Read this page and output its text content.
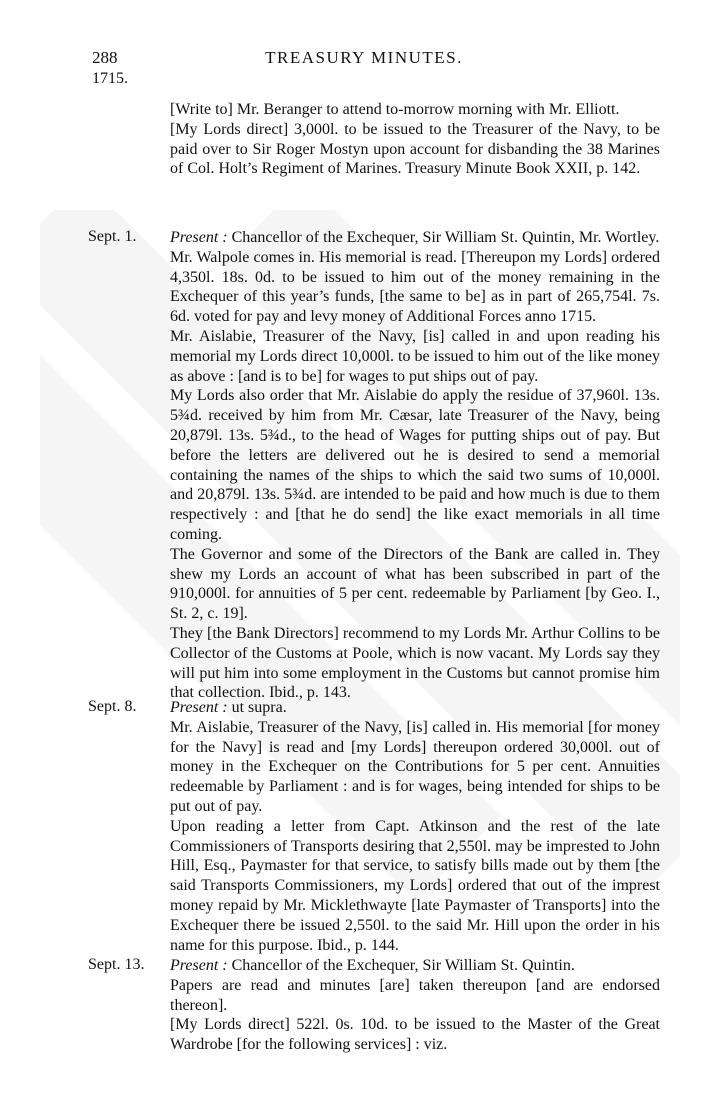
288	TREASURY MINUTES.
1715.

[Write to] Mr. Beranger to attend to-morrow morning with Mr. Elliott.

[My Lords direct] 3,000l. to be issued to the Treasurer of the Navy, to be paid over to Sir Roger Mostyn upon account for disbanding the 38 Marines of Col. Holt’s Regiment of Marines. Treasury Minute Book XXII, p. 142.

Sept. 1. Present : Chancellor of the Exchequer, Sir William St. Quintin, Mr. Wortley.

Mr. Walpole comes in. His memorial is read. [Thereupon my Lords] ordered 4,350l. 18s. 0d. to be issued to him out of the money remaining in the Exchequer of this year’s funds, [the same to be] as in part of 265,754l. 7s. 6d. voted for pay and levy money of Additional Forces anno 1715.

Mr. Aislabie, Treasurer of the Navy, [is] called in and upon reading his memorial my Lords direct 10,000l. to be issued to him out of the like money as above : [and is to be] for wages to put ships out of pay.

My Lords also order that Mr. Aislabie do apply the residue of 37,960l. 13s. 5¾d. received by him from Mr. Cæsar, late Treasurer of the Navy, being 20,879l. 13s. 5¾d., to the head of Wages for putting ships out of pay. But before the letters are delivered out he is desired to send a memorial containing the names of the ships to which the said two sums of 10,000l. and 20,879l. 13s. 5¾d. are intended to be paid and how much is due to them respectively : and [that he do send] the like exact memorials in all time coming.

The Governor and some of the Directors of the Bank are called in. They shew my Lords an account of what has been subscribed in part of the 910,000l. for annuities of 5 per cent. redeemable by Parliament [by Geo. I., St. 2, c. 19].

They [the Bank Directors] recommend to my Lords Mr. Arthur Collins to be Collector of the Customs at Poole, which is now vacant. My Lords say they will put him into some employment in the Customs but cannot promise him that collection. Ibid., p. 143.

Sept. 8. Present : ut supra.

Mr. Aislabie, Treasurer of the Navy, [is] called in. His memorial [for money for the Navy] is read and [my Lords] thereupon ordered 30,000l. out of money in the Exchequer on the Contributions for 5 per cent. Annuities redeemable by Parliament : and is for wages, being intended for ships to be put out of pay.

Upon reading a letter from Capt. Atkinson and the rest of the late Commissioners of Transports desiring that 2,550l. may be imprested to John Hill, Esq., Paymaster for that service, to satisfy bills made out by them [the said Transports Commissioners, my Lords] ordered that out of the imprest money repaid by Mr. Micklethwayte [late Paymaster of Transports] into the Exchequer there be issued 2,550l. to the said Mr. Hill upon the order in his name for this purpose. Ibid., p. 144.

Sept. 13. Present : Chancellor of the Exchequer, Sir William St. Quintin.

Papers are read and minutes [are] taken thereupon [and are endorsed thereon].

[My Lords direct] 522l. 0s. 10d. to be issued to the Master of the Great Wardrobe [for the following services] : viz.
